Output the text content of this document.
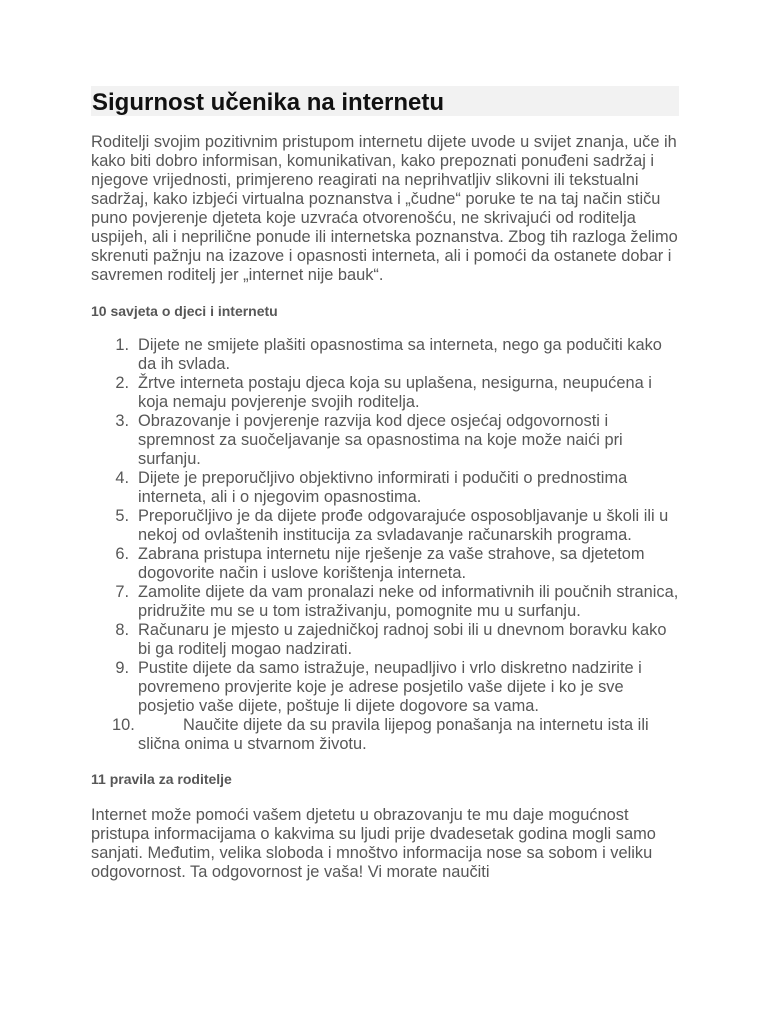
Sigurnost učenika na internetu

Roditelji svojim pozitivnim pristupom internetu dijete uvode u svijet znanja, uče ih kako biti dobro informisan, komunikativan, kako prepoznati ponuđeni sadržaj i njegove vrijednosti, primjereno reagirati na neprihvatljiv slikovni ili tekstualni sadržaj, kako izbjeći virtualna poznanstva i „čudne“ poruke te na taj način stiču puno povjerenje djeteta koje uzvraća otvorenošću, ne skrivajući od roditelja uspijeh, ali i neprilične ponude ili internetska poznanstva. Zbog tih razloga želimo skrenuti pažnju na izazove i opasnosti interneta, ali i pomoći da ostanete dobar i savremen roditelj jer „internet nije bauk“.

10 savjeta o djeci i internetu
1. Dijete ne smijete plašiti opasnostima sa interneta, nego ga podučiti kako da ih svlada.
2. Žrtve interneta postaju djeca koja su uplašena, nesigurna, neupućena i koja nemaju povjerenje svojih roditelja.
3. Obrazovanje i povjerenje razvija kod djece osjećaj odgovornosti i spremnost za suočeljavanje sa opasnostima na koje može naići pri surfanju.
4. Dijete je preporučljivo objektivno informirati i podučiti o prednostima interneta, ali i o njegovim opasnostima.
5. Preporučljivo je da dijete prođe odgovarajuće osposobljavanje u školi ili u nekoj od ovlaštenih institucija za svladavanje računarskih programa.
6. Zabrana pristupa internetu nije rješenje za vaše strahove, sa djetetom dogovorite način i uslove korištenja interneta.
7. Zamolite dijete da vam pronalazi neke od informativnih ili poučnih stranica, pridružite mu se u tom istraživanju, pomognite mu u surfanju.
8. Računaru je mjesto u zajedničkoj radnoj sobi ili u dnevnom boravku kako bi ga roditelj mogao nadzirati.
9. Pustite dijete da samo istražuje, neupadljivo i vrlo diskretno nadzirite i povremeno provjerite koje je adrese posjetilo vaše dijete i ko je sve posjetio vaše dijete, poštuje li dijete dogovore sa vama.
10.	Naučite dijete da su pravila lijepog ponašanja na internetu ista ili slična onima u stvarnom životu.
11 pravila za roditelje

Internet može pomoći vašem djetetu u obrazovanju te mu daje mogućnost pristupa informacijama o kakvima su ljudi prije dvadesetak godina mogli samo sanjati. Međutim, velika sloboda i mnoštvo informacija nose sa sobom i veliku odgovornost. Ta odgovornost je vaša! Vi morate naučiti
